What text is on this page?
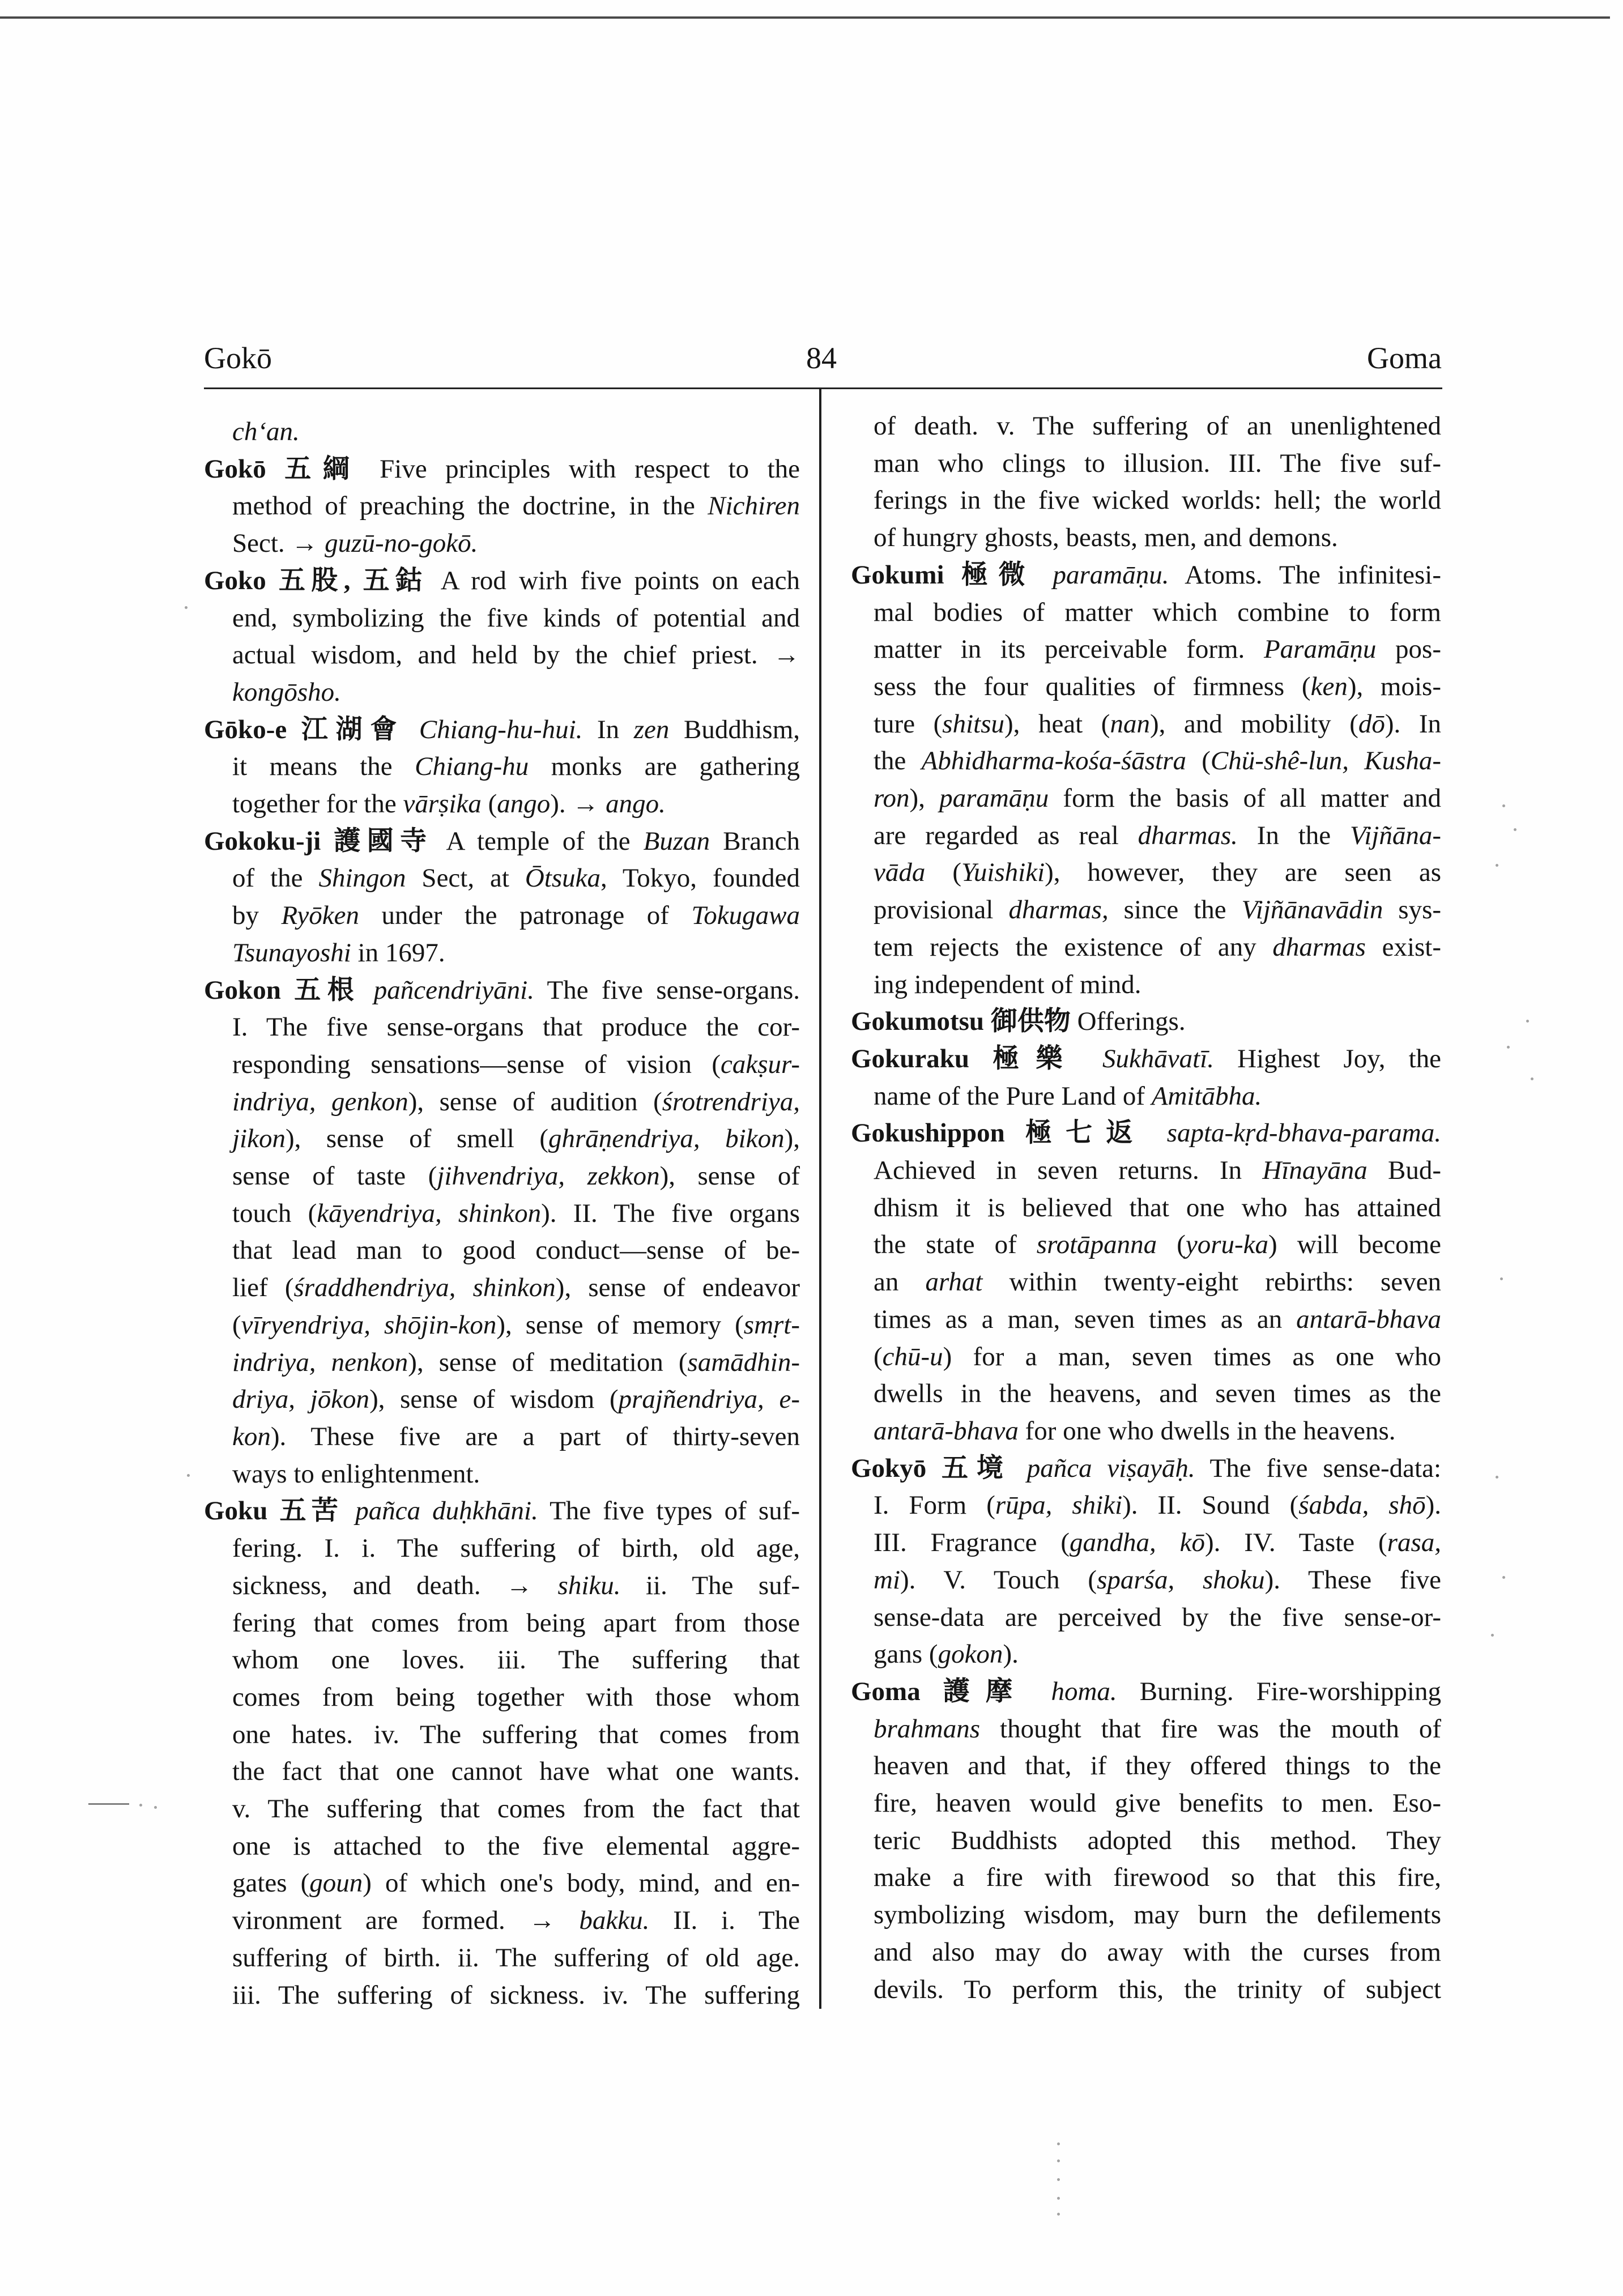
Gokō	84	Goma
chʻan.
Gokō 五綱 Five principles with respect to the
method of preaching the doctrine, in the Nichiren
Sect. → guzū-no-gokō.
Goko 五股, 五鈷 A rod wirh five points on each
end, symbolizing the five kinds of potential and
actual wisdom, and held by the chief priest. →
kongōsho.
Gōko-e 江湖會 Chiang-hu-hui. In zen Buddhism,
it means the Chiang-hu monks are gathering
together for the vārṣika (ango). → ango.
Gokoku-ji 護國寺 A temple of the Buzan Branch
of the Shingon Sect, at Ōtsuka, Tokyo, founded
by Ryōken under the patronage of Tokugawa
Tsunayoshi in 1697.
Gokon 五根 pañcendriyāni. The five sense-organs.
I. The five sense-organs that produce the cor-
responding sensations—sense of vision (cakṣur-
indriya, genkon), sense of audition (śrotrendriya,
jikon), sense of smell (ghrāṇendriya, bikon),
sense of taste (jihvendriya, zekkon), sense of
touch (kāyendriya, shinkon). II. The five organs
that lead man to good conduct—sense of be-
lief (śraddhendriya, shinkon), sense of endeavor
(vīryendriya, shōjin-kon), sense of memory (smṛt-
indriya, nenkon), sense of meditation (samādhin-
driya, jōkon), sense of wisdom (prajñendriya, e-
kon). These five are a part of thirty-seven
ways to enlightenment.
Goku 五苦 pañca duḥkhāni. The five types of suf-
fering. I. i. The suffering of birth, old age,
sickness, and death. → shiku. ii. The suf-
fering that comes from being apart from those
whom one loves. iii. The suffering that
comes from being together with those whom
one hates. iv. The suffering that comes from
the fact that one cannot have what one wants.
v. The suffering that comes from the fact that
one is attached to the five elemental aggre-
gates (goun) of which one's body, mind, and en-
vironment are formed. → bakku. II. i. The
suffering of birth. ii. The suffering of old age.
iii. The suffering of sickness. iv. The suffering
of death. v. The suffering of an unenlightened
man who clings to illusion. III. The five suf-
ferings in the five wicked worlds: hell; the world
of hungry ghosts, beasts, men, and demons.
Gokumi 極微 paramāṇu. Atoms. The infinitesi-
mal bodies of matter which combine to form
matter in its perceivable form. Paramāṇu pos-
sess the four qualities of firmness (ken), mois-
ture (shitsu), heat (nan), and mobility (dō). In
the Abhidharma-kośa-śāstra (Chü-shê-lun, Kusha-
ron), paramāṇu form the basis of all matter and
are regarded as real dharmas. In the Vijñāna-
vāda (Yuishiki), however, they are seen as
provisional dharmas, since the Vijñānavādin sys-
tem rejects the existence of any dharmas exist-
ing independent of mind.
Gokumotsu 御供物 Offerings.
Gokuraku 極樂 Sukhāvatī. Highest Joy, the
name of the Pure Land of Amitābha.
Gokushippon 極七返 sapta-kṛd-bhava-parama.
Achieved in seven returns. In Hīnayāna Bud-
dhism it is believed that one who has attained
the state of srotāpanna (yoru-ka) will become
an arhat within twenty-eight rebirths: seven
times as a man, seven times as an antarā-bhava
(chū-u) for a man, seven times as one who
dwells in the heavens, and seven times as the
antarā-bhava for one who dwells in the heavens.
Gokyō 五境 pañca viṣayāḥ. The five sense-data:
I. Form (rūpa, shiki). II. Sound (śabda, shō).
III. Fragrance (gandha, kō). IV. Taste (rasa,
mi). V. Touch (sparśa, shoku). These five
sense-data are perceived by the five sense-or-
gans (gokon).
Goma 護摩 homa. Burning. Fire-worshipping
brahmans thought that fire was the mouth of
heaven and that, if they offered things to the
fire, heaven would give benefits to men. Eso-
teric Buddhists adopted this method. They
make a fire with firewood so that this fire,
symbolizing wisdom, may burn the defilements
and also may do away with the curses from
devils. To perform this, the trinity of subject
